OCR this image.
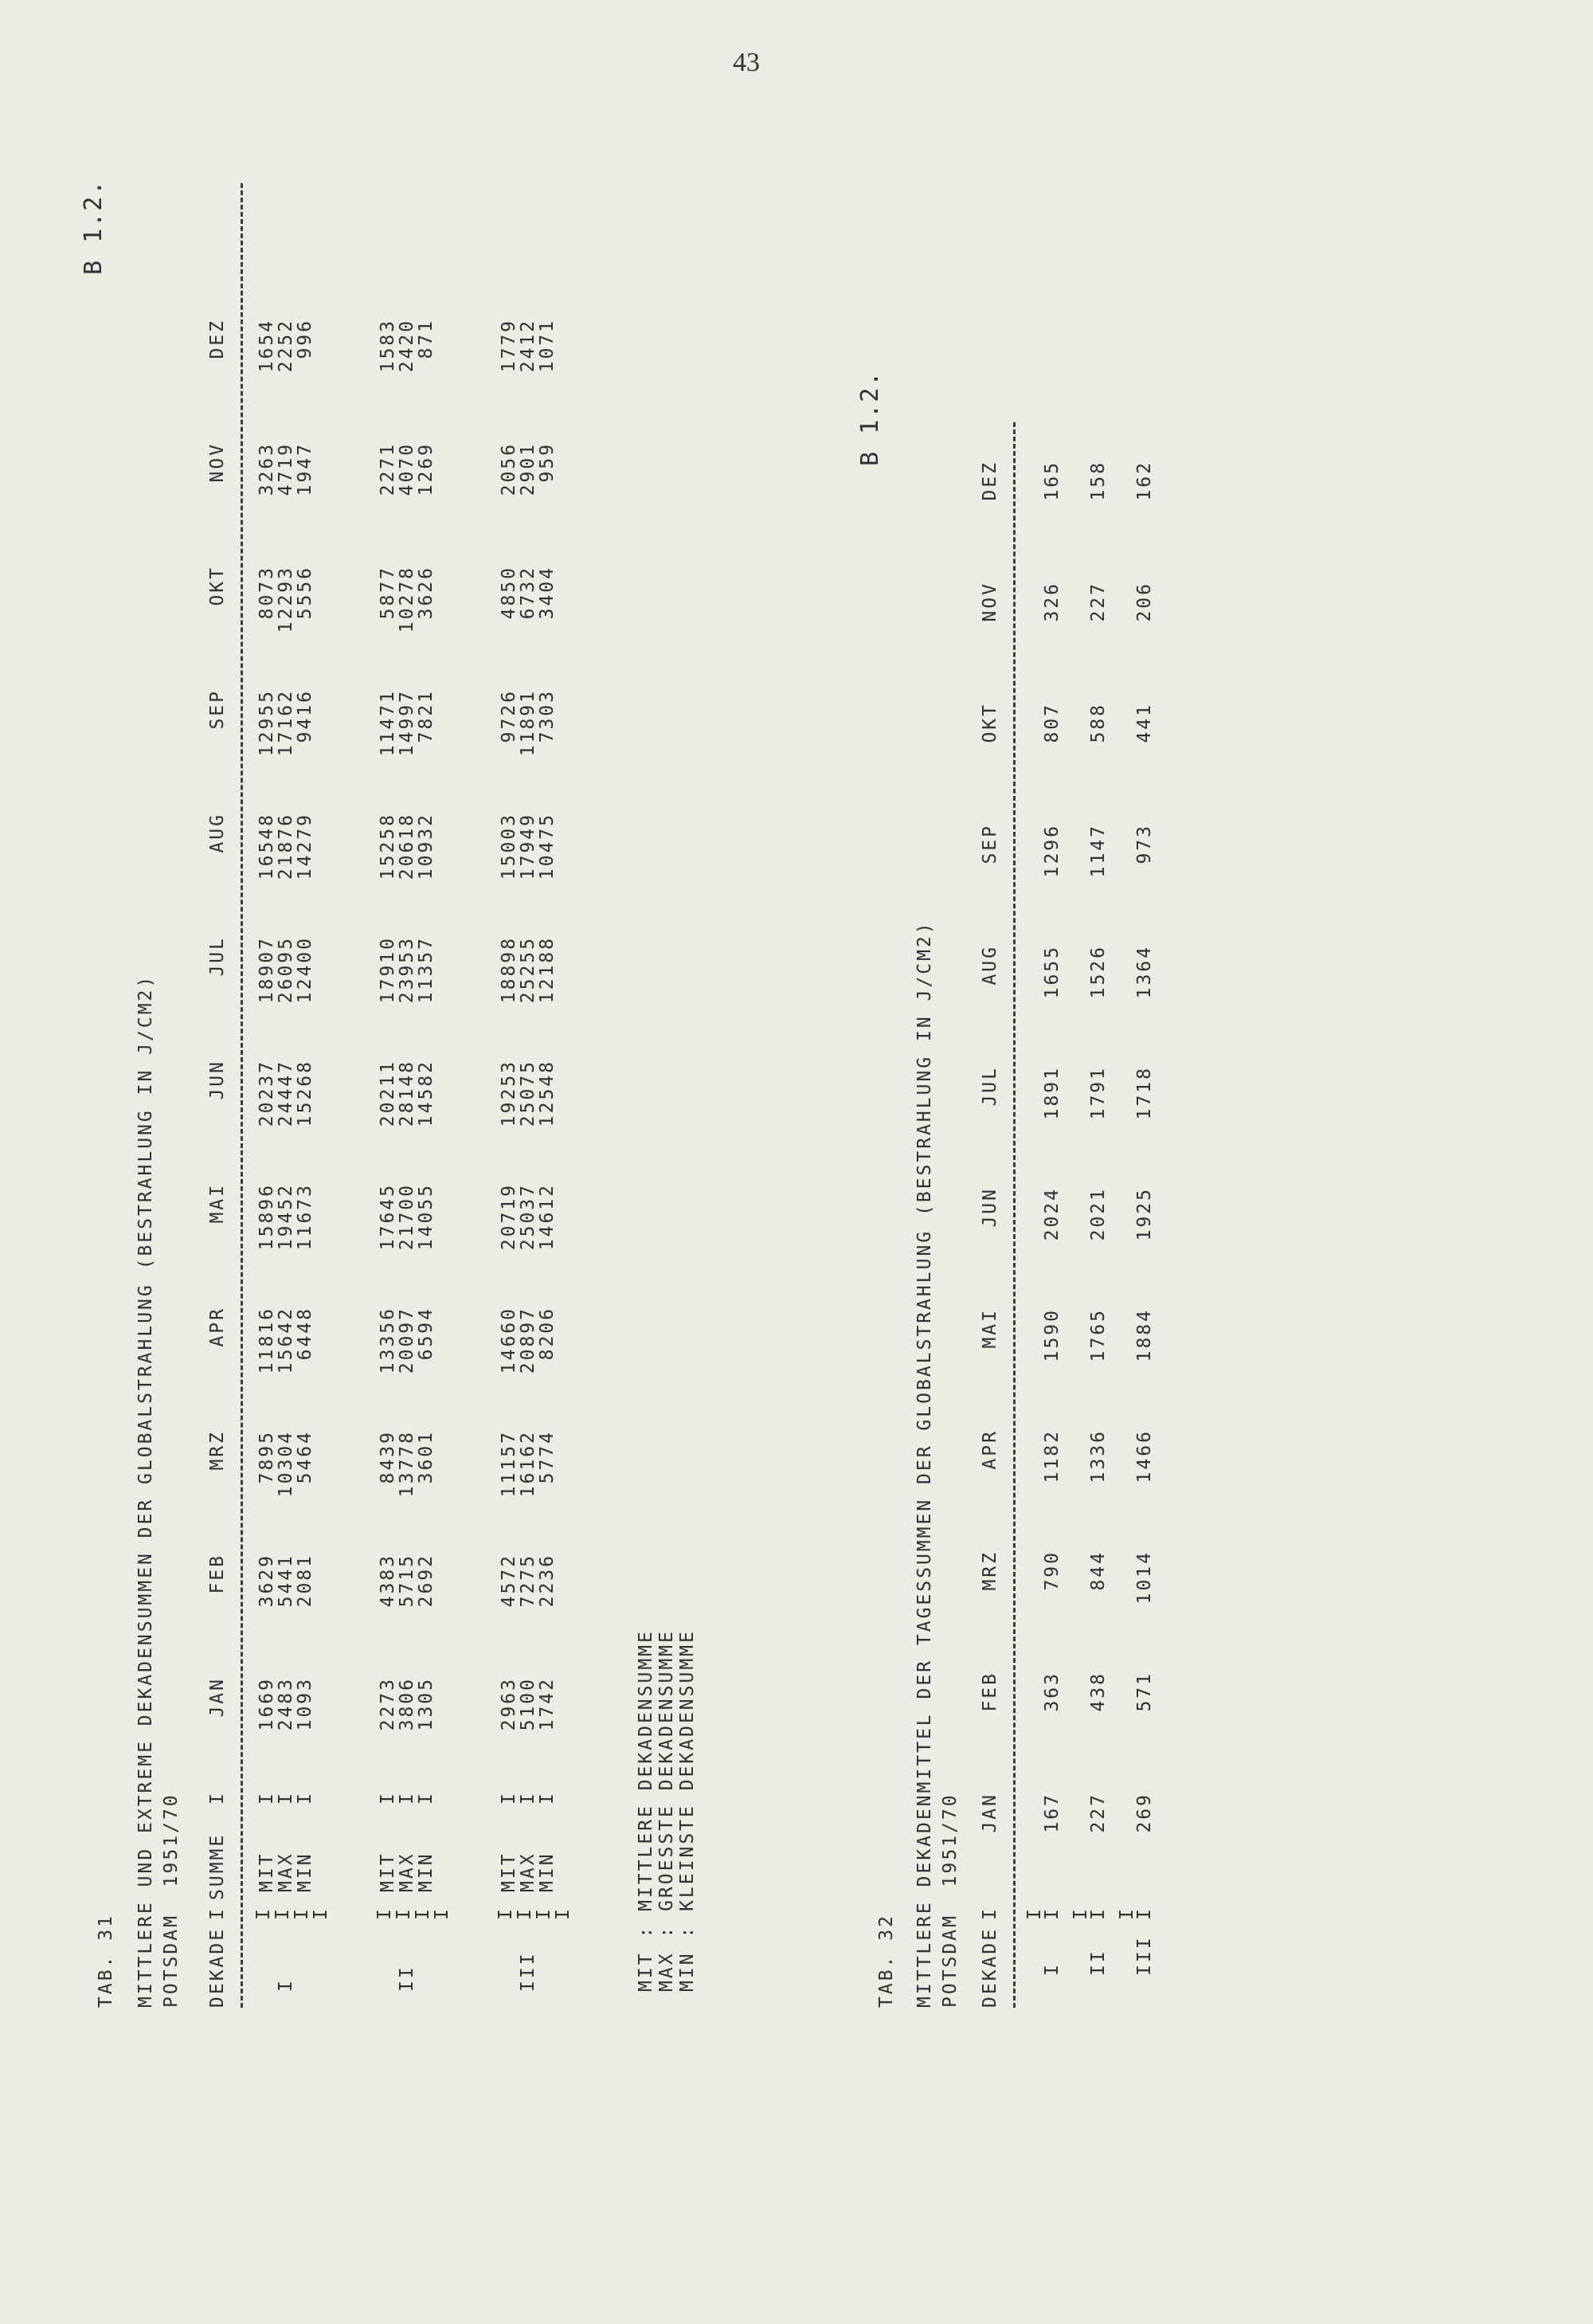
43
B 1.2.
B 1.2.
TAB. 31 MITTLERE UND EXTREME DEKADENSUMMEN DER GLOBALSTRAHLUNG (BESTRAHLUNG IN J/CM2) POTSDAM  1951/70 DEKADE
I
SUMME
I
JAN
FEB
MRZ
APR
MAI
JUN
JUL
AUG
SEP
OKT
NOV
DEZ
I
I
I
I
MIT
I
1669
3629
7895
11816
15896
20237
18907
16548
12955
8073
3263
1654
I
MAX
I
2483
5441
10304
15642
19452
24447
26095
21876
17162
12293
4719
2252
MIN
I
1093
2081
5464
6448
11673
15268
12400
14279
9416
5556
1947
996
I
I
I
I
MIT
I
2273
4383
8439
13356
17645
20211
17910
15258
11471
5877
2271
1583
II
MAX
I
3806
5715
13778
20097
21700
28148
23953
20618
14997
10278
4070
2420
MIN
I
1305
2692
3601
6594
14055
14582
11357
10932
7821
3626
1269
871
I
I
I
I
MIT
I
2963
4572
11157
14660
20719
19253
18898
15003
9726
4850
2056
1779
III
MAX
I
5100
7275
16162
20897
25037
25075
25255
17949
11891
6732
2901
2412
MIN
I
1742
2236
5774
8206
14612
12548
12188
10475
7303
3404
959
1071
MIT : MITTLERE DEKADENSUMME MAX : GROESSTE DEKADENSUMME MIN : KLEINSTE DEKADENSUMME	TAB. 32 MITTLERE DEKADENMITTEL DER TAGESSUMMEN DER GLOBALSTRAHLUNG (BESTRAHLUNG IN J/CM2) POTSDAM  1951/70 DEKADE
I
JAN
FEB
MRZ
APR
MAI
JUN
JUL
AUG
SEP
OKT
NOV
DEZ
I
I
I
167
363
790
1182
1590
2024
1891
1655
1296
807
326
165
I
II
I
227
438
844
1336
1765
2021
1791
1526
1147
588
227
158
I
III
I
269
571
1014
1466
1884
1925
1718
1364
973
441
206
162
